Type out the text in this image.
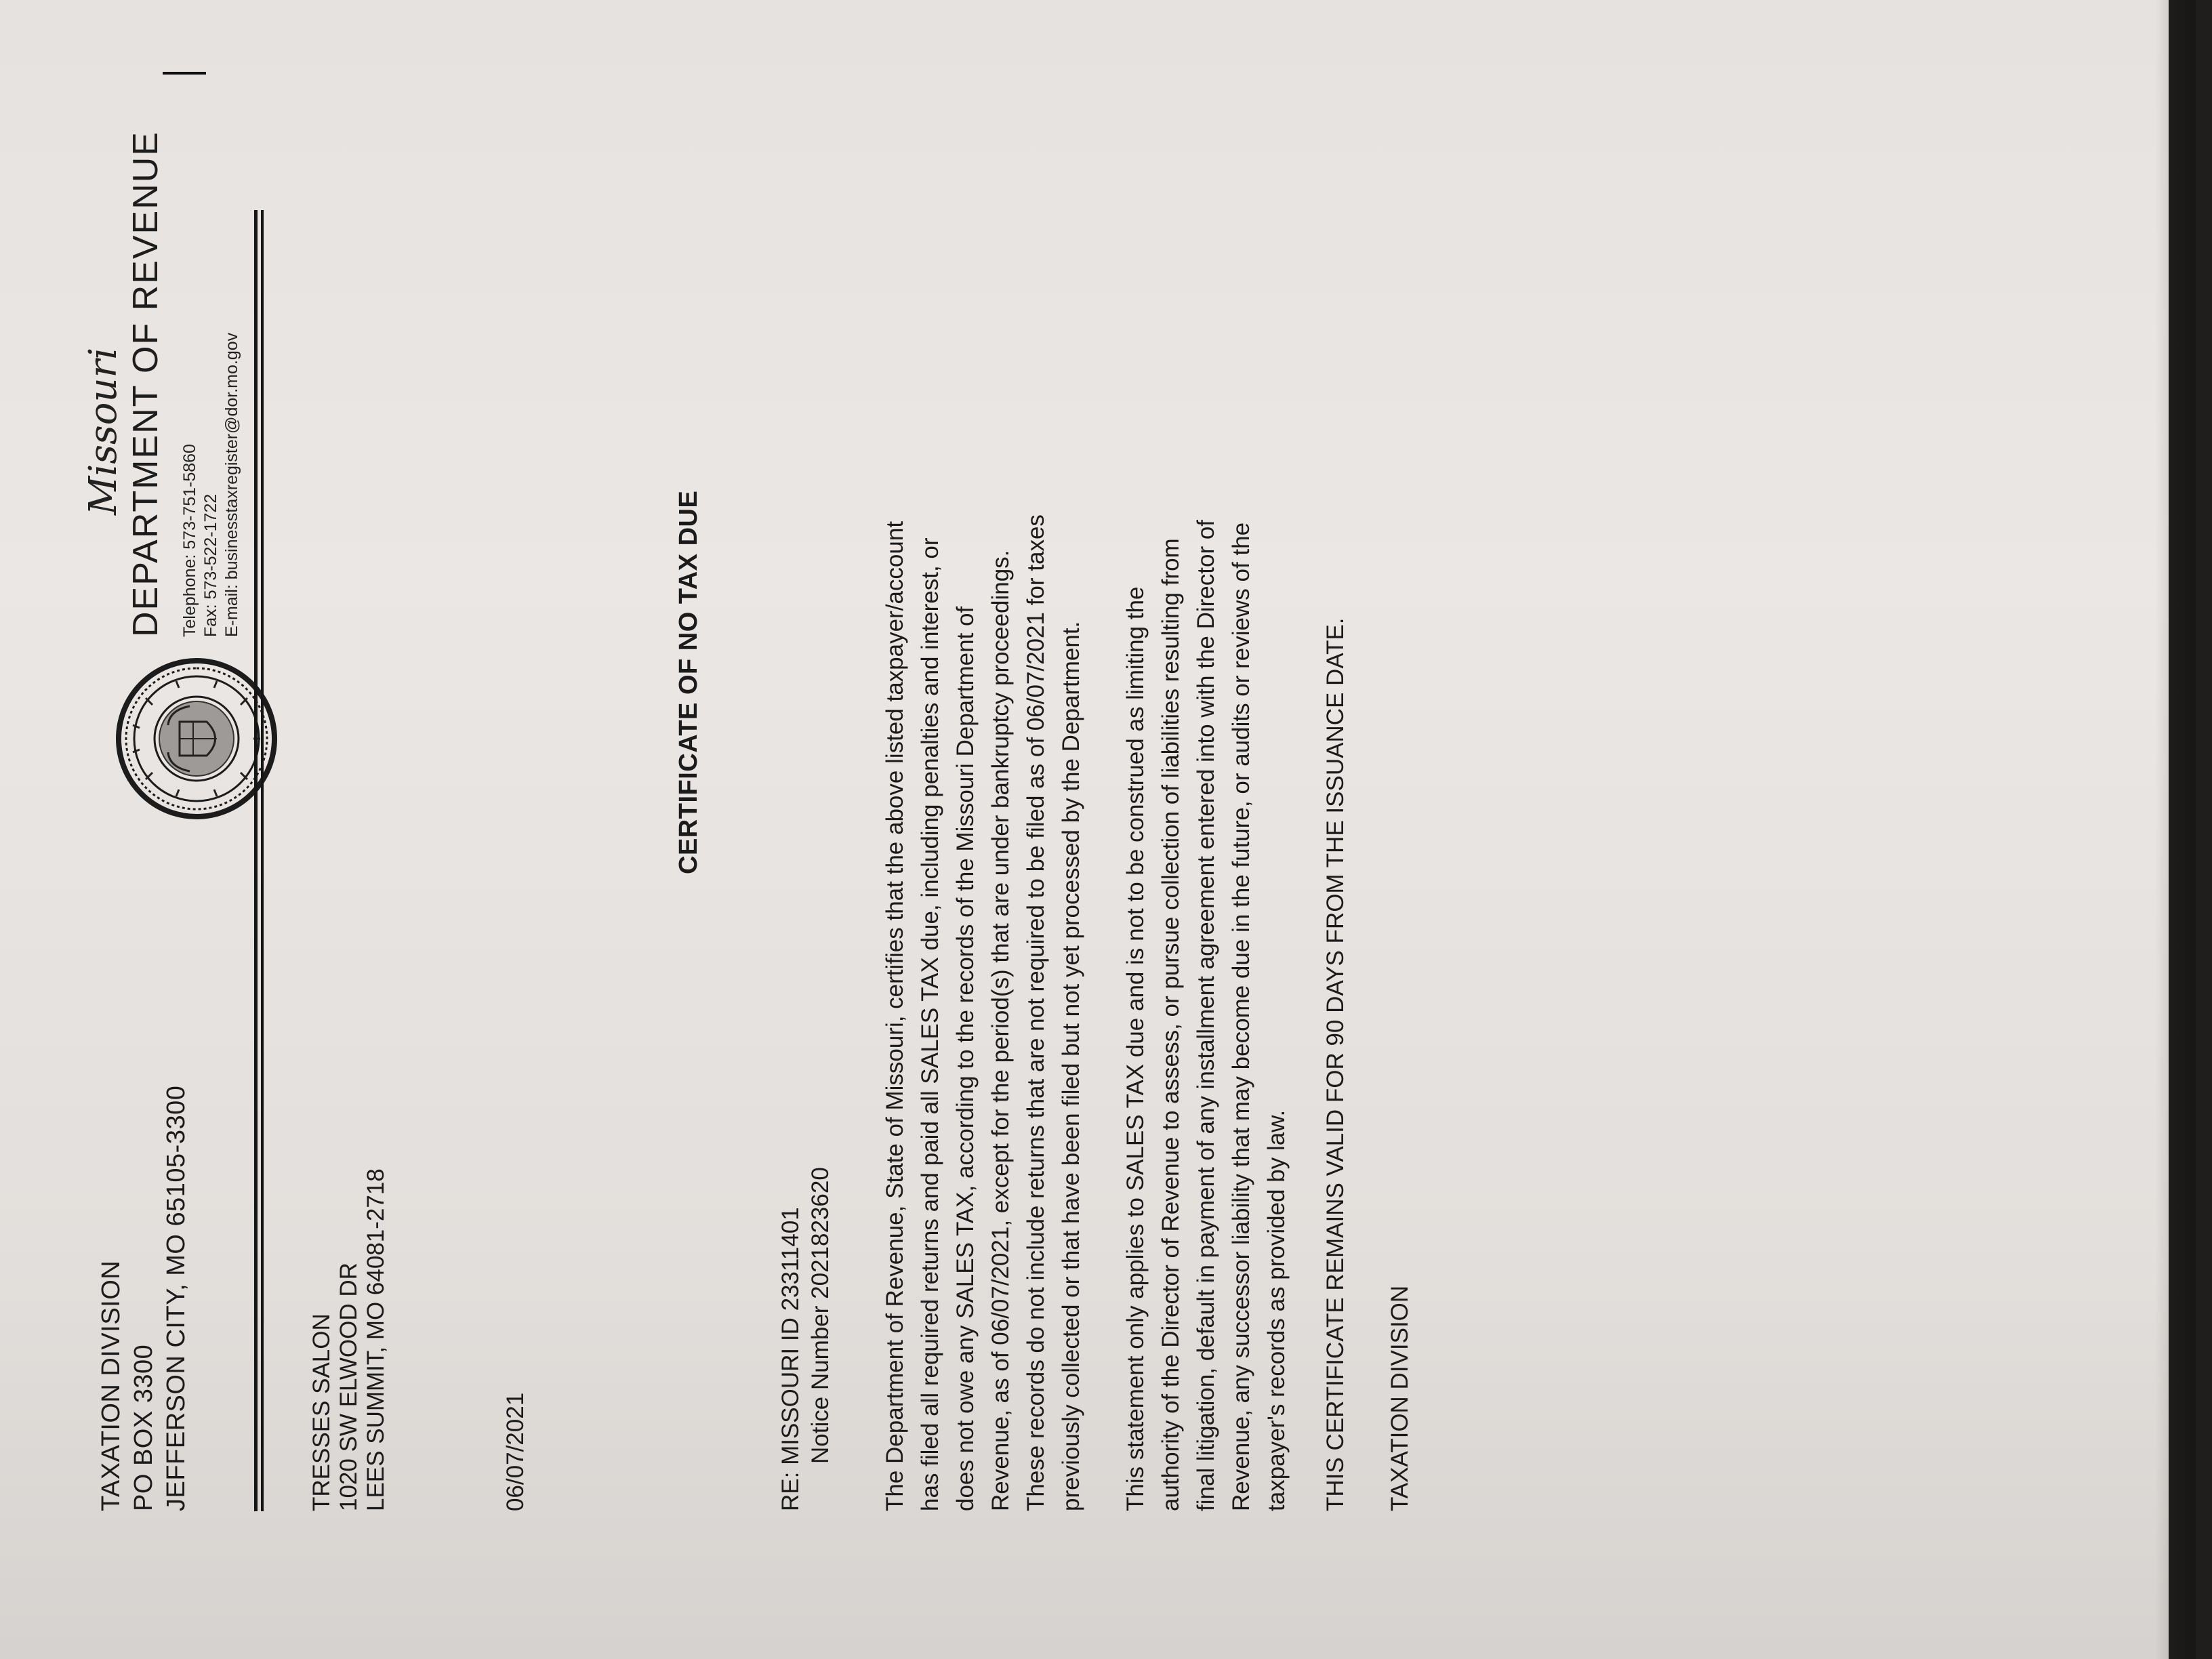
TAXATION DIVISION PO BOX 3300 JEFFERSON CITY, MO 65105-3300
Missouri DEPARTMENT OF REVENUE Telephone: 573-751-5860 Fax: 573-522-1722 E-mail: businesstaxregister@dor.mo.gov
TRESSES SALON 1020 SW ELWOOD DR LEES SUMMIT, MO 64081-2718	06/07/2021
CERTIFICATE OF NO TAX DUE
RE: MISSOURI ID 23311401 Notice Number 2021823620 The Department of Revenue, State of Missouri, certifies that the above listed taxpayer/account has filed all required returns and paid all SALES TAX due, including penalties and interest, or does not owe any SALES TAX, according to the records of the Missouri Department of Revenue, as of 06/07/2021, except for the period(s) that are under bankruptcy proceedings. These records do not include returns that are not required to be filed as of 06/07/2021 for taxes previously collected or that have been filed but not yet processed by the Department. This statement only applies to SALES TAX due and is not to be construed as limiting the authority of the Director of Revenue to assess, or pursue collection of liabilities resulting from final litigation, default in payment of any installment agreement entered into with the Director of Revenue, any successor liability that may become due in the future, or audits or reviews of the taxpayer's records as provided by law. THIS CERTIFICATE REMAINS VALID FOR 90 DAYS FROM THE ISSUANCE DATE. TAXATION DIVISION
